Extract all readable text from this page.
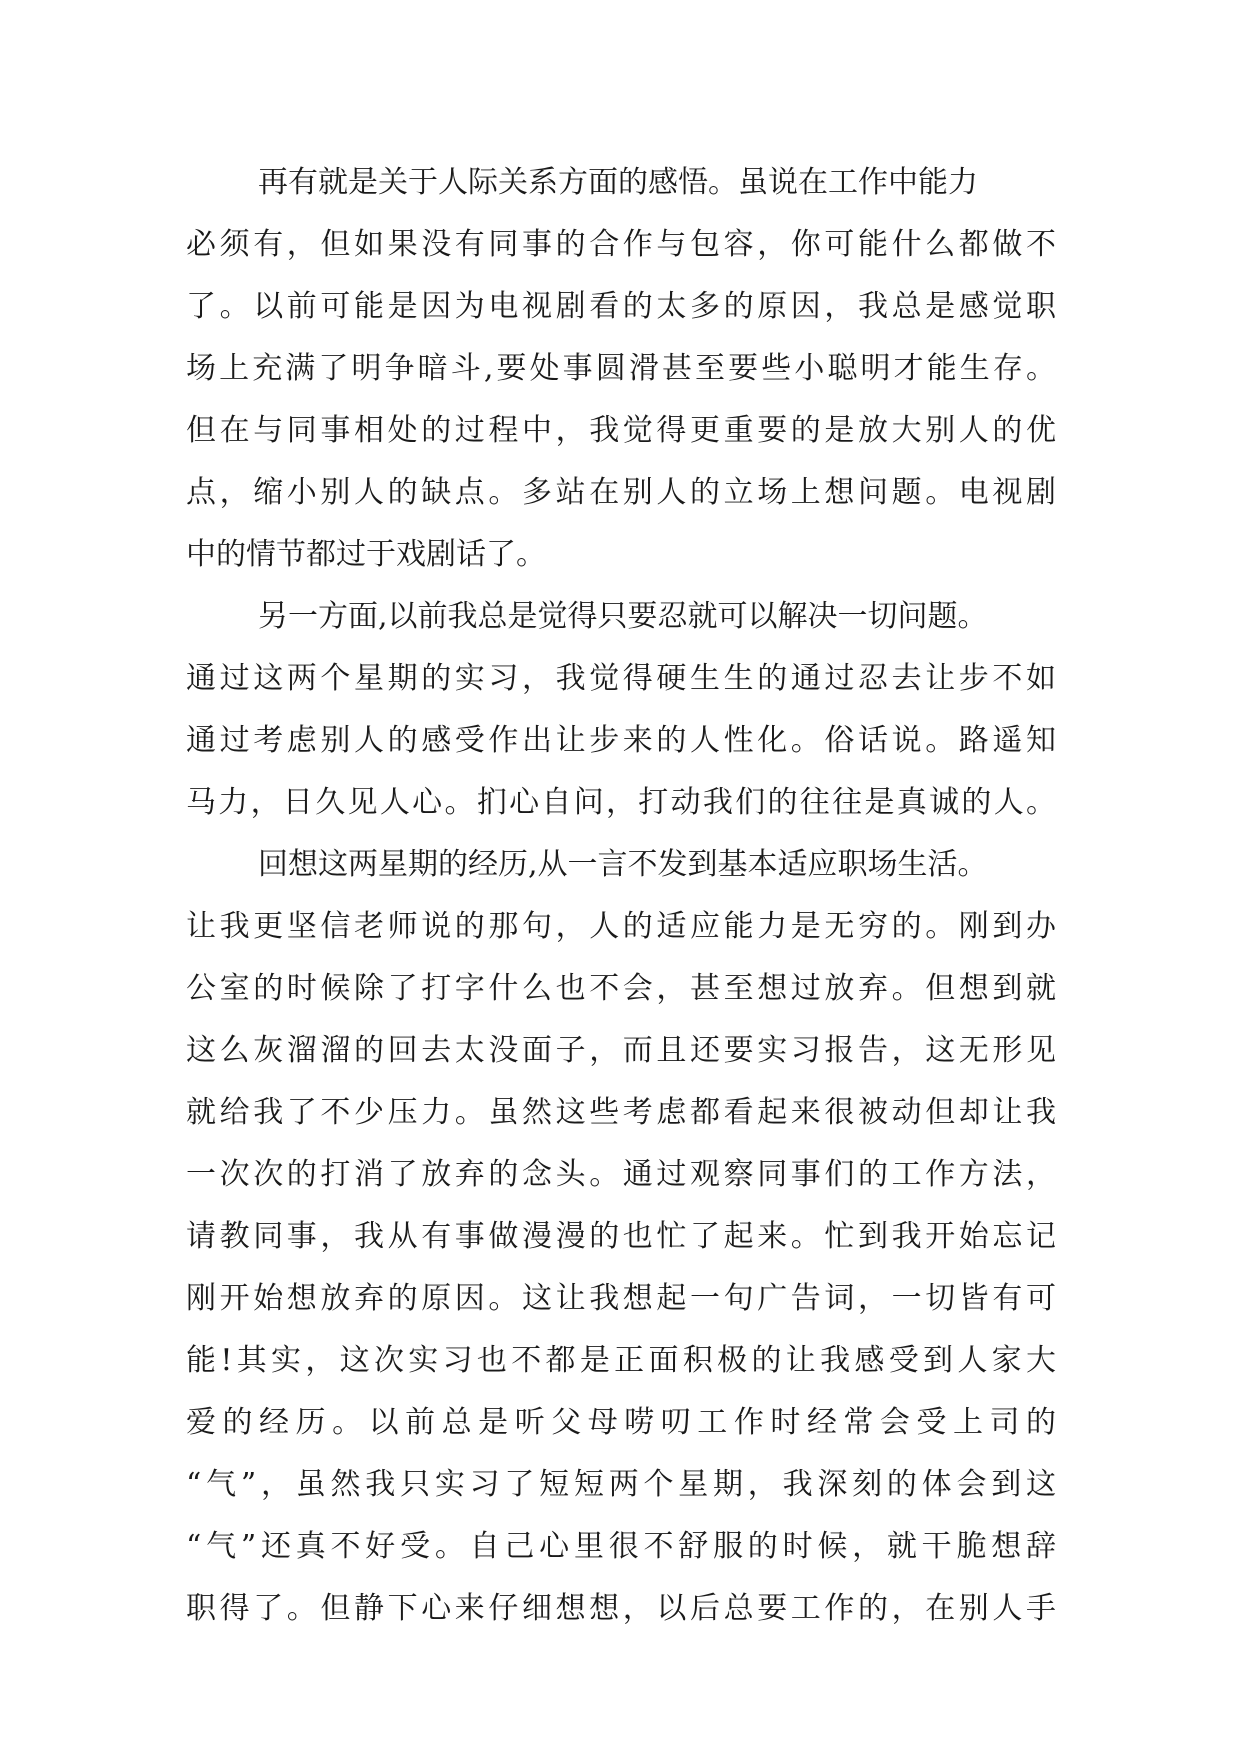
再有就是关于人际关系方面的感悟。虽说在工作中能力
必须有，但如果没有同事的合作与包容，你可能什么都做不
了。以前可能是因为电视剧看的太多的原因，我总是感觉职
场上充满了明争暗斗,要处事圆滑甚至要些小聪明才能生存。
但在与同事相处的过程中，我觉得更重要的是放大别人的优
点，缩小别人的缺点。多站在别人的立场上想问题。电视剧
中的情节都过于戏剧话了。
另一方面,以前我总是觉得只要忍就可以解决一切问题。
通过这两个星期的实习，我觉得硬生生的通过忍去让步不如
通过考虑别人的感受作出让步来的人性化。俗话说。路遥知
马力，日久见人心。扪心自问，打动我们的往往是真诚的人。
回想这两星期的经历,从一言不发到基本适应职场生活。
让我更坚信老师说的那句，人的适应能力是无穷的。刚到办
公室的时候除了打字什么也不会，甚至想过放弃。但想到就
这么灰溜溜的回去太没面子，而且还要实习报告，这无形见
就给我了不少压力。虽然这些考虑都看起来很被动但却让我
一次次的打消了放弃的念头。通过观察同事们的工作方法，
请教同事，我从有事做漫漫的也忙了起来。忙到我开始忘记
刚开始想放弃的原因。这让我想起一句广告词，一切皆有可
能!其实，这次实习也不都是正面积极的让我感受到人家大
爱的经历。以前总是听父母唠叨工作时经常会受上司的
“气”，虽然我只实习了短短两个星期，我深刻的体会到这
“气”还真不好受。自己心里很不舒服的时候，就干脆想辞
职得了。但静下心来仔细想想，以后总要工作的，在别人手
